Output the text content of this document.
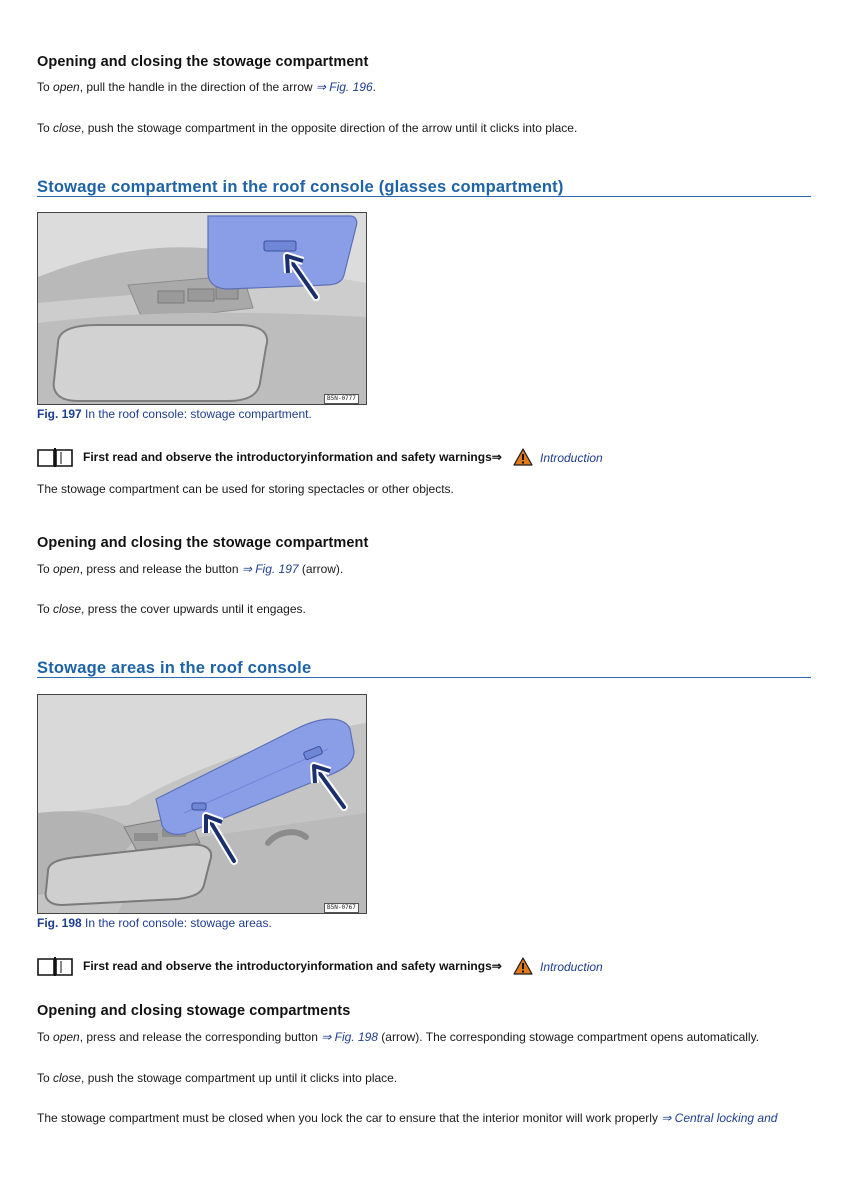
Opening and closing the stowage compartment
To open, pull the handle in the direction of the arrow ⇒ Fig. 196.
To close, push the stowage compartment in the opposite direction of the arrow until it clicks into place.
Stowage compartment in the roof console (glasses compartment)
B5N-0777
Fig. 197 In the roof console: stowage compartment.
First read and observe the introductoryinformation and safety warnings⇒	Introduction
The stowage compartment can be used for storing spectacles or other objects.
Opening and closing the stowage compartment
To open, press and release the button ⇒ Fig. 197 (arrow).
To close, press the cover upwards until it engages.
Stowage areas in the roof console
B5N-0767
Fig. 198 In the roof console: stowage areas.
First read and observe the introductoryinformation and safety warnings⇒	Introduction
Opening and closing stowage compartments
To open, press and release the corresponding button ⇒ Fig. 198 (arrow). The corresponding stowage compartment opens automatically.
To close, push the stowage compartment up until it clicks into place.
The stowage compartment must be closed when you lock the car to ensure that the interior monitor will work properly ⇒ Central locking and
